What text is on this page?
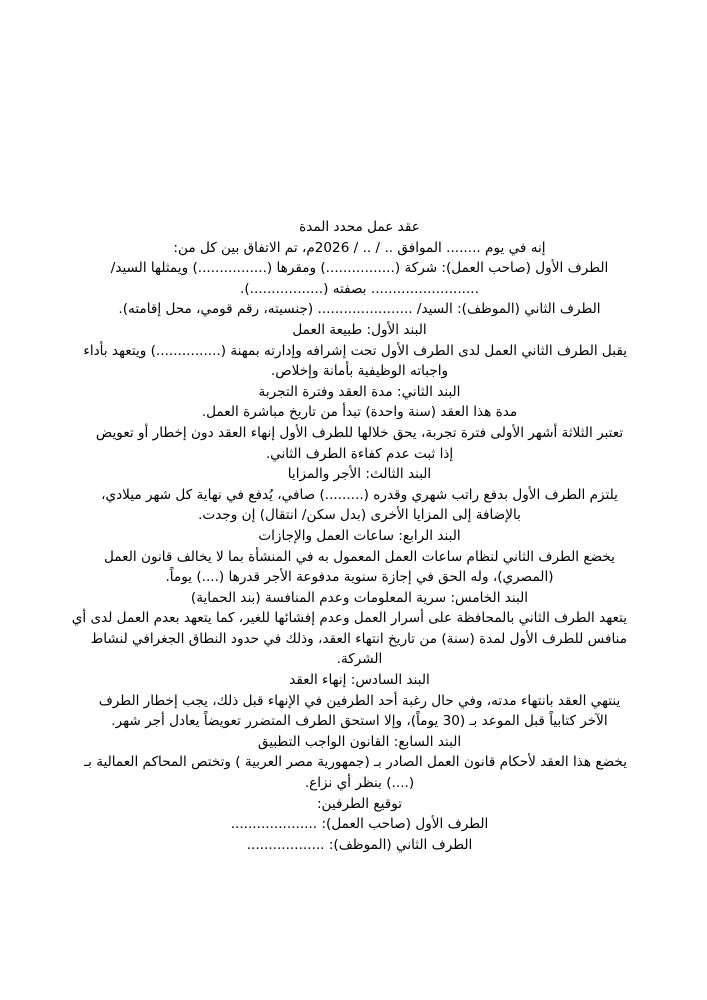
عقد عمل محدد المدة

إنه في يوم ........ الموافق .. / .. / 2026م، تم الاتفاق بين كل من:

الطرف الأول (صاحب العمل): شركة (................) ومقرها (................) ويمثلها السيد/

......................... بصفته (.................).

الطرف الثاني (الموظف): السيد/ ...................... (جنسيته، رقم قومي، محل إقامته).

البند الأول: طبيعة العمل

يقبل الطرف الثاني العمل لدى الطرف الأول تحت إشرافه وإدارته بمهنة (...............) ويتعهد بأداء

واجباته الوظيفية بأمانة وإخلاص.

البند الثاني: مدة العقد وفترة التجربة

مدة هذا العقد (سنة واحدة) تبدأ من تاريخ مباشرة العمل.

تعتبر الثلاثة أشهر الأولى فترة تجربة، يحق خلالها للطرف الأول إنهاء العقد دون إخطار أو تعويض

إذا ثبت عدم كفاءة الطرف الثاني.

البند الثالث: الأجر والمزايا

يلتزم الطرف الأول بدفع راتب شهري وقدره (.........) صافي، يُدفع في نهاية كل شهر ميلادي،

بالإضافة إلى المزايا الأخرى (بدل سكن/ انتقال) إن وجدت.

البند الرابع: ساعات العمل والإجازات

يخضع الطرف الثاني لنظام ساعات العمل المعمول به في المنشأة بما لا يخالف قانون العمل

(المصري)، وله الحق في إجازة سنوية مدفوعة الأجر قدرها (....) يوماً.

البند الخامس: سرية المعلومات وعدم المنافسة (بند الحماية)

يتعهد الطرف الثاني بالمحافظة على أسرار العمل وعدم إفشائها للغير، كما يتعهد بعدم العمل لدى أي

منافس للطرف الأول لمدة (سنة) من تاريخ انتهاء العقد، وذلك في حدود النطاق الجغرافي لنشاط

الشركة.

البند السادس: إنهاء العقد

ينتهي العقد بانتهاء مدته، وفي حال رغبة أحد الطرفين في الإنهاء قبل ذلك، يجب إخطار الطرف

الآخر كتابياً قبل الموعد بـ (30 يوماً)، وإلا استحق الطرف المتضرر تعويضاً يعادل أجر شهر.

البند السابع: القانون الواجب التطبيق

يخضع هذا العقد لأحكام قانون العمل الصادر بـ (جمهورية مصر العربية ) وتختص المحاكم العمالية بـ

(....) بنظر أي نزاع.

توقيع الطرفين:

الطرف الأول (صاحب العمل): ....................

الطرف الثاني (الموظف): ..................
